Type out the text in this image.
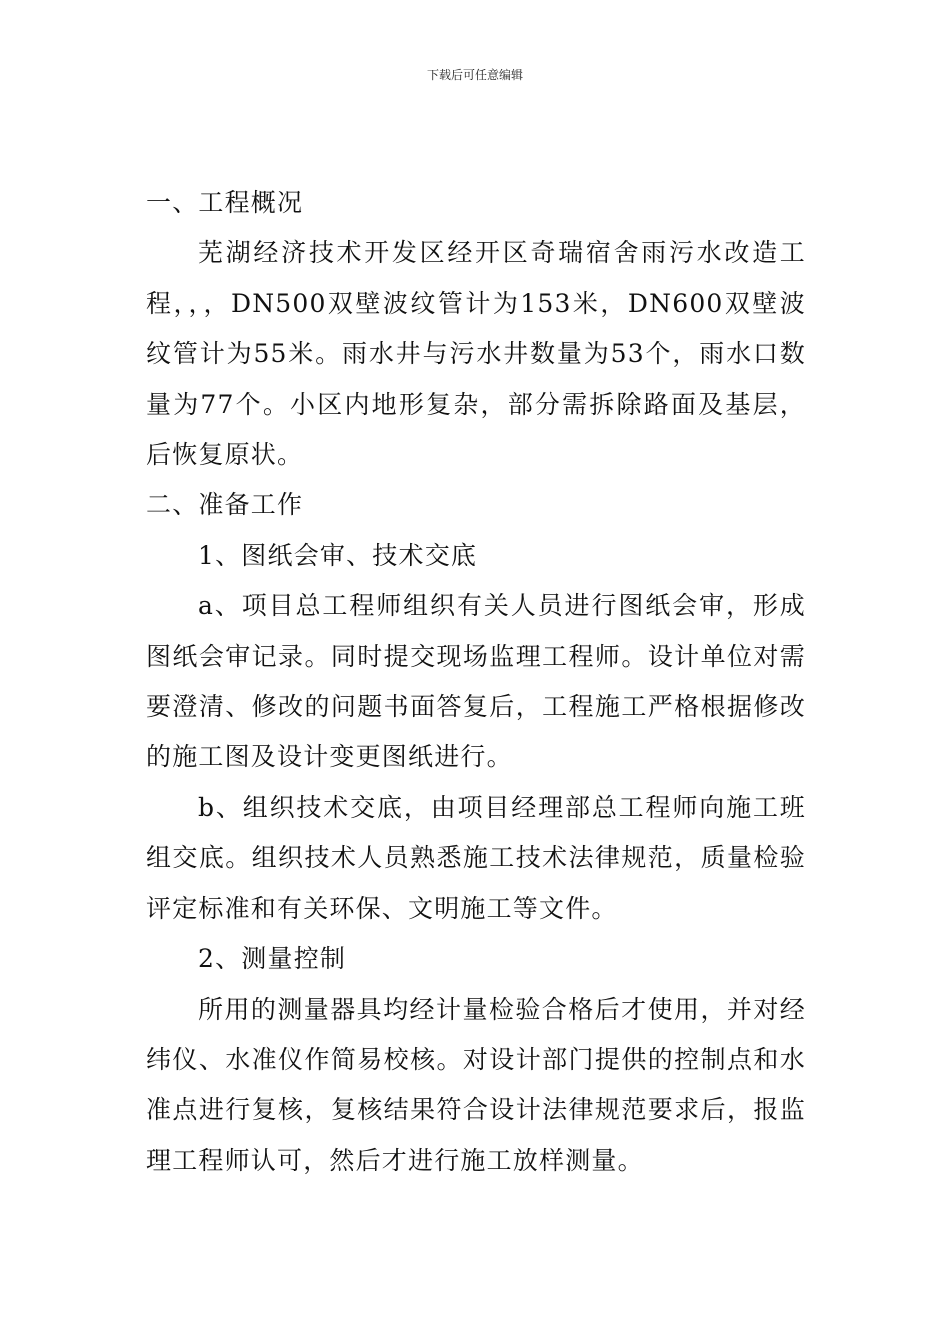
下载后可任意编辑

一、工程概况

芜湖经济技术开发区经开区奇瑞宿舍雨污水改造工程，，，DN500双壁波纹管计为153米，DN600双壁波纹管计为55米。雨水井与污水井数量为53个，雨水口数量为77个。小区内地形复杂，部分需拆除路面及基层，后恢复原状。

二、准备工作

1、图纸会审、技术交底

a、项目总工程师组织有关人员进行图纸会审，形成图纸会审记录。同时提交现场监理工程师。设计单位对需要澄清、修改的问题书面答复后，工程施工严格根据修改的施工图及设计变更图纸进行。

b、组织技术交底，由项目经理部总工程师向施工班组交底。组织技术人员熟悉施工技术法律规范，质量检验评定标准和有关环保、文明施工等文件。

2、测量控制

所用的测量器具均经计量检验合格后才使用，并对经纬仪、水准仪作简易校核。对设计部门提供的控制点和水准点进行复核，复核结果符合设计法律规范要求后，报监理工程师认可，然后才进行施工放样测量。
